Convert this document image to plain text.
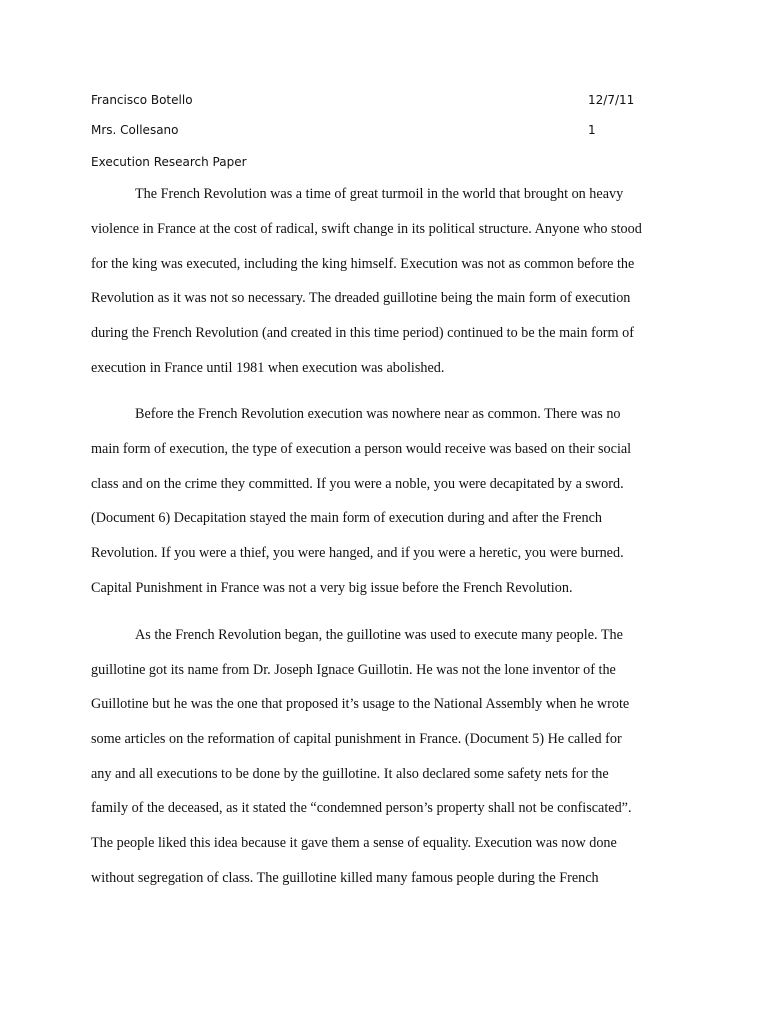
Francisco Botello	12/7/11
Mrs. Collesano	1
Execution Research Paper
The French Revolution was a time of great turmoil in the world that brought on heavy
violence in France at the cost of radical, swift change in its political structure. Anyone who stood
for the king was executed, including the king himself. Execution was not as common before the
Revolution as it was not so necessary. The dreaded guillotine being the main form of execution
during the French Revolution (and created in this time period) continued to be the main form of
execution in France until 1981 when execution was abolished.
Before the French Revolution execution was nowhere near as common. There was no
main form of execution, the type of execution a person would receive was based on their social
class and on the crime they committed. If you were a noble, you were decapitated by a sword.
(Document 6) Decapitation stayed the main form of execution during and after the French
Revolution. If you were a thief, you were hanged, and if you were a heretic, you were burned.
Capital Punishment in France was not a very big issue before the French Revolution.
As the French Revolution began, the guillotine was used to execute many people. The
guillotine got its name from Dr. Joseph Ignace Guillotin. He was not the lone inventor of the
Guillotine but he was the one that proposed it’s usage to the National Assembly when he wrote
some articles on the reformation of capital punishment in France. (Document 5) He called for
any and all executions to be done by the guillotine. It also declared some safety nets for the
family of the deceased, as it stated the “condemned person’s property shall not be confiscated”.
The people liked this idea because it gave them a sense of equality. Execution was now done
without segregation of class. The guillotine killed many famous people during the French
